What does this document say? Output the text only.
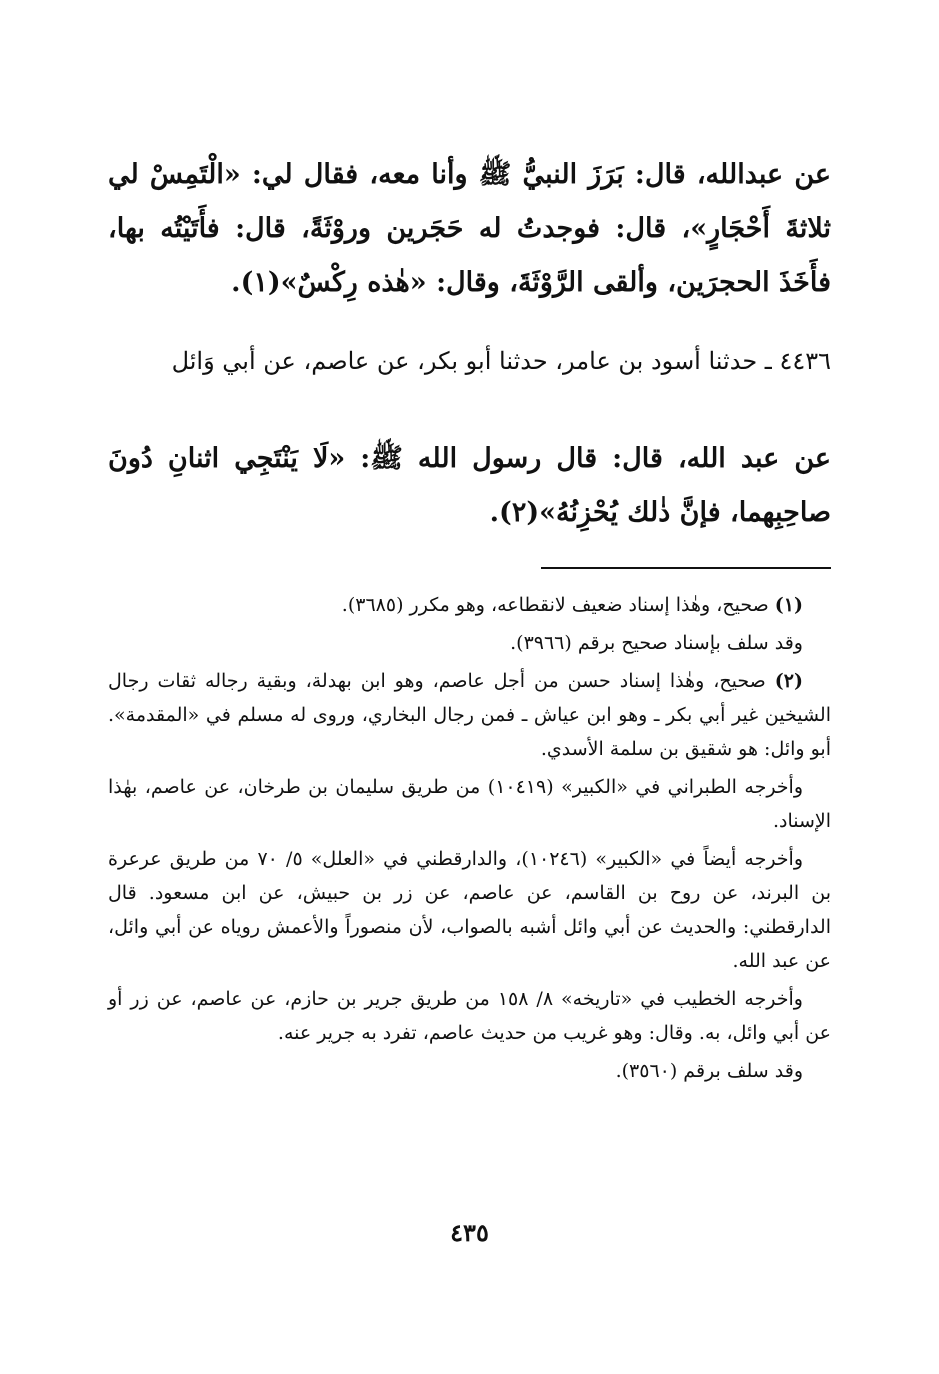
عن عبدالله، قال: بَرَزَ النبيُّ ﷺ وأنا معه، فقال لي: «الْتَمِسْ لي ثلاثةَ أَحْجَارٍ»، قال: فوجدتُ له حَجَرين وروْثَةً، قال: فأَتَيْتُه بها، فأَخَذَ الحجرَين، وألقى الرَّوْثَةَ، وقال: «هٰذه رِكْسٌ»(١).

٤٤٣٦ ـ حدثنا أسود بن عامر، حدثنا أبو بكر، عن عاصم، عن أبي وَائل

عن عبد الله، قال: قال رسول الله ﷺ: «لَا يَنْتَجِي اثنانِ دُونَ صاحِبِهما، فإنَّ ذٰلك يُحْزِنُهُ»(٢).

(١) صحيح، وهٰذا إسناد ضعيف لانقطاعه، وهو مكرر (٣٦٨٥).

وقد سلف بإسناد صحيح برقم (٣٩٦٦).

(٢) صحيح، وهٰذا إسناد حسن من أجل عاصم، وهو ابن بهدلة، وبقية رجاله ثقات رجال الشيخين غير أبي بكر ـ وهو ابن عياش ـ فمن رجال البخاري، وروى له مسلم في «المقدمة». أبو وائل: هو شقيق بن سلمة الأسدي.

وأخرجه الطبراني في «الكبير» (١٠٤١٩) من طريق سليمان بن طرخان، عن عاصم، بهٰذا الإسناد.

وأخرجه أيضاً في «الكبير» (١٠٢٤٦)، والدارقطني في «العلل» ٥/ ٧٠ من طريق عرعرة بن البرند، عن روح بن القاسم، عن عاصم، عن زر بن حبيش، عن ابن مسعود. قال الدارقطني: والحديث عن أبي وائل أشبه بالصواب، لأن منصوراً والأعمش روياه عن أبي وائل، عن عبد الله.

وأخرجه الخطيب في «تاريخه» ٨/ ١٥٨ من طريق جرير بن حازم، عن عاصم، عن زر أو عن أبي وائل، به. وقال: وهو غريب من حديث عاصم، تفرد به جرير عنه.

وقد سلف برقم (٣٥٦٠).

٤٣٥
